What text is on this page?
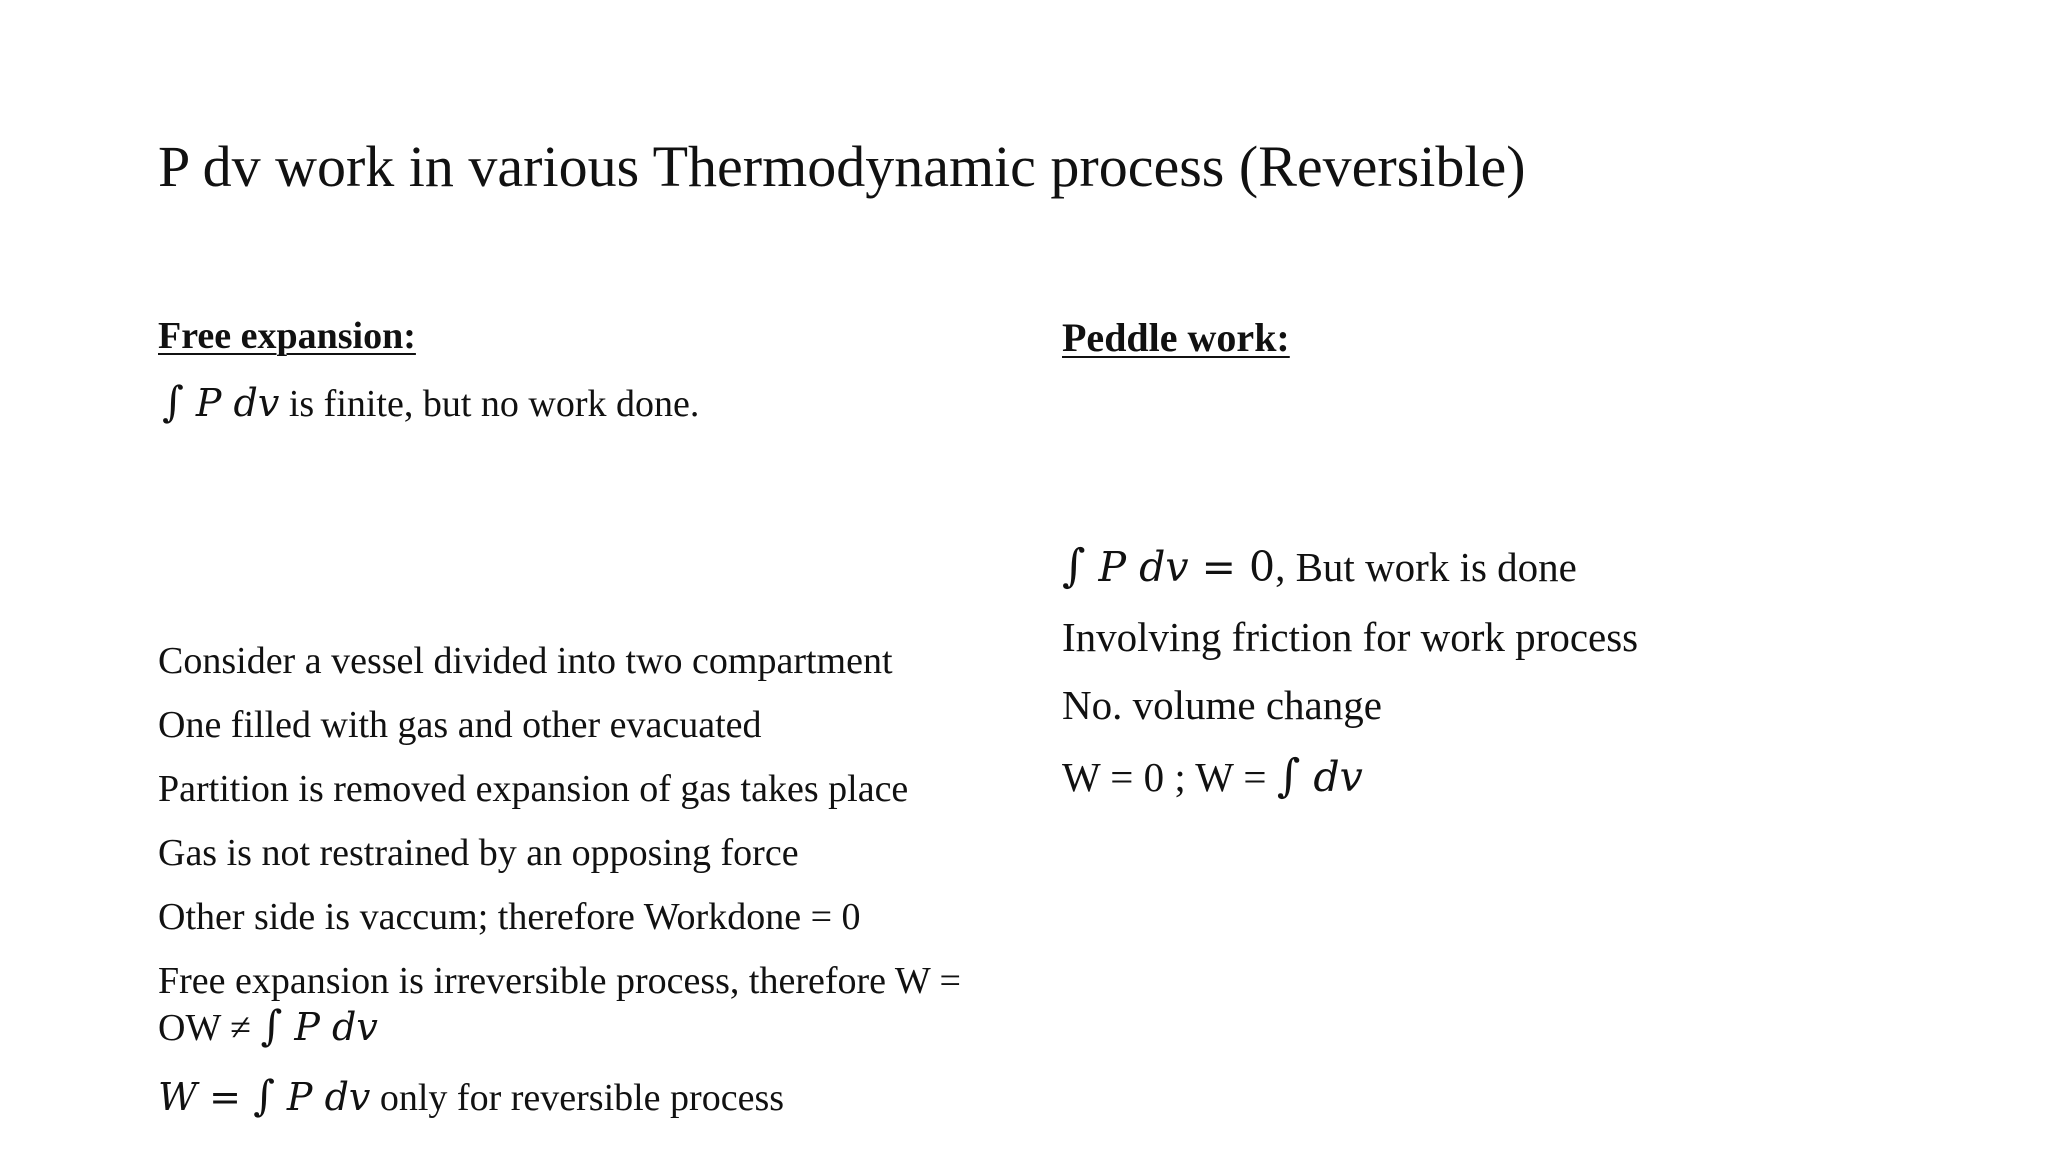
P dv work in various Thermodynamic process (Reversible)
Free expansion:
∫ P dv is finite, but no work done.
Consider a vessel divided into two compartment
One filled with gas and other evacuated
Partition is removed expansion of gas takes place
Gas is not restrained by an opposing force
Other side is vaccum; therefore Workdone = 0
Free expansion is irreversible process, therefore W =
OW ≠ ∫ P dv
W = ∫ P dv only for reversible process
Peddle work:
∫ P dv = 0, But work is done
Involving friction for work process
No. volume change
W = 0 ; W = ∫ dv
